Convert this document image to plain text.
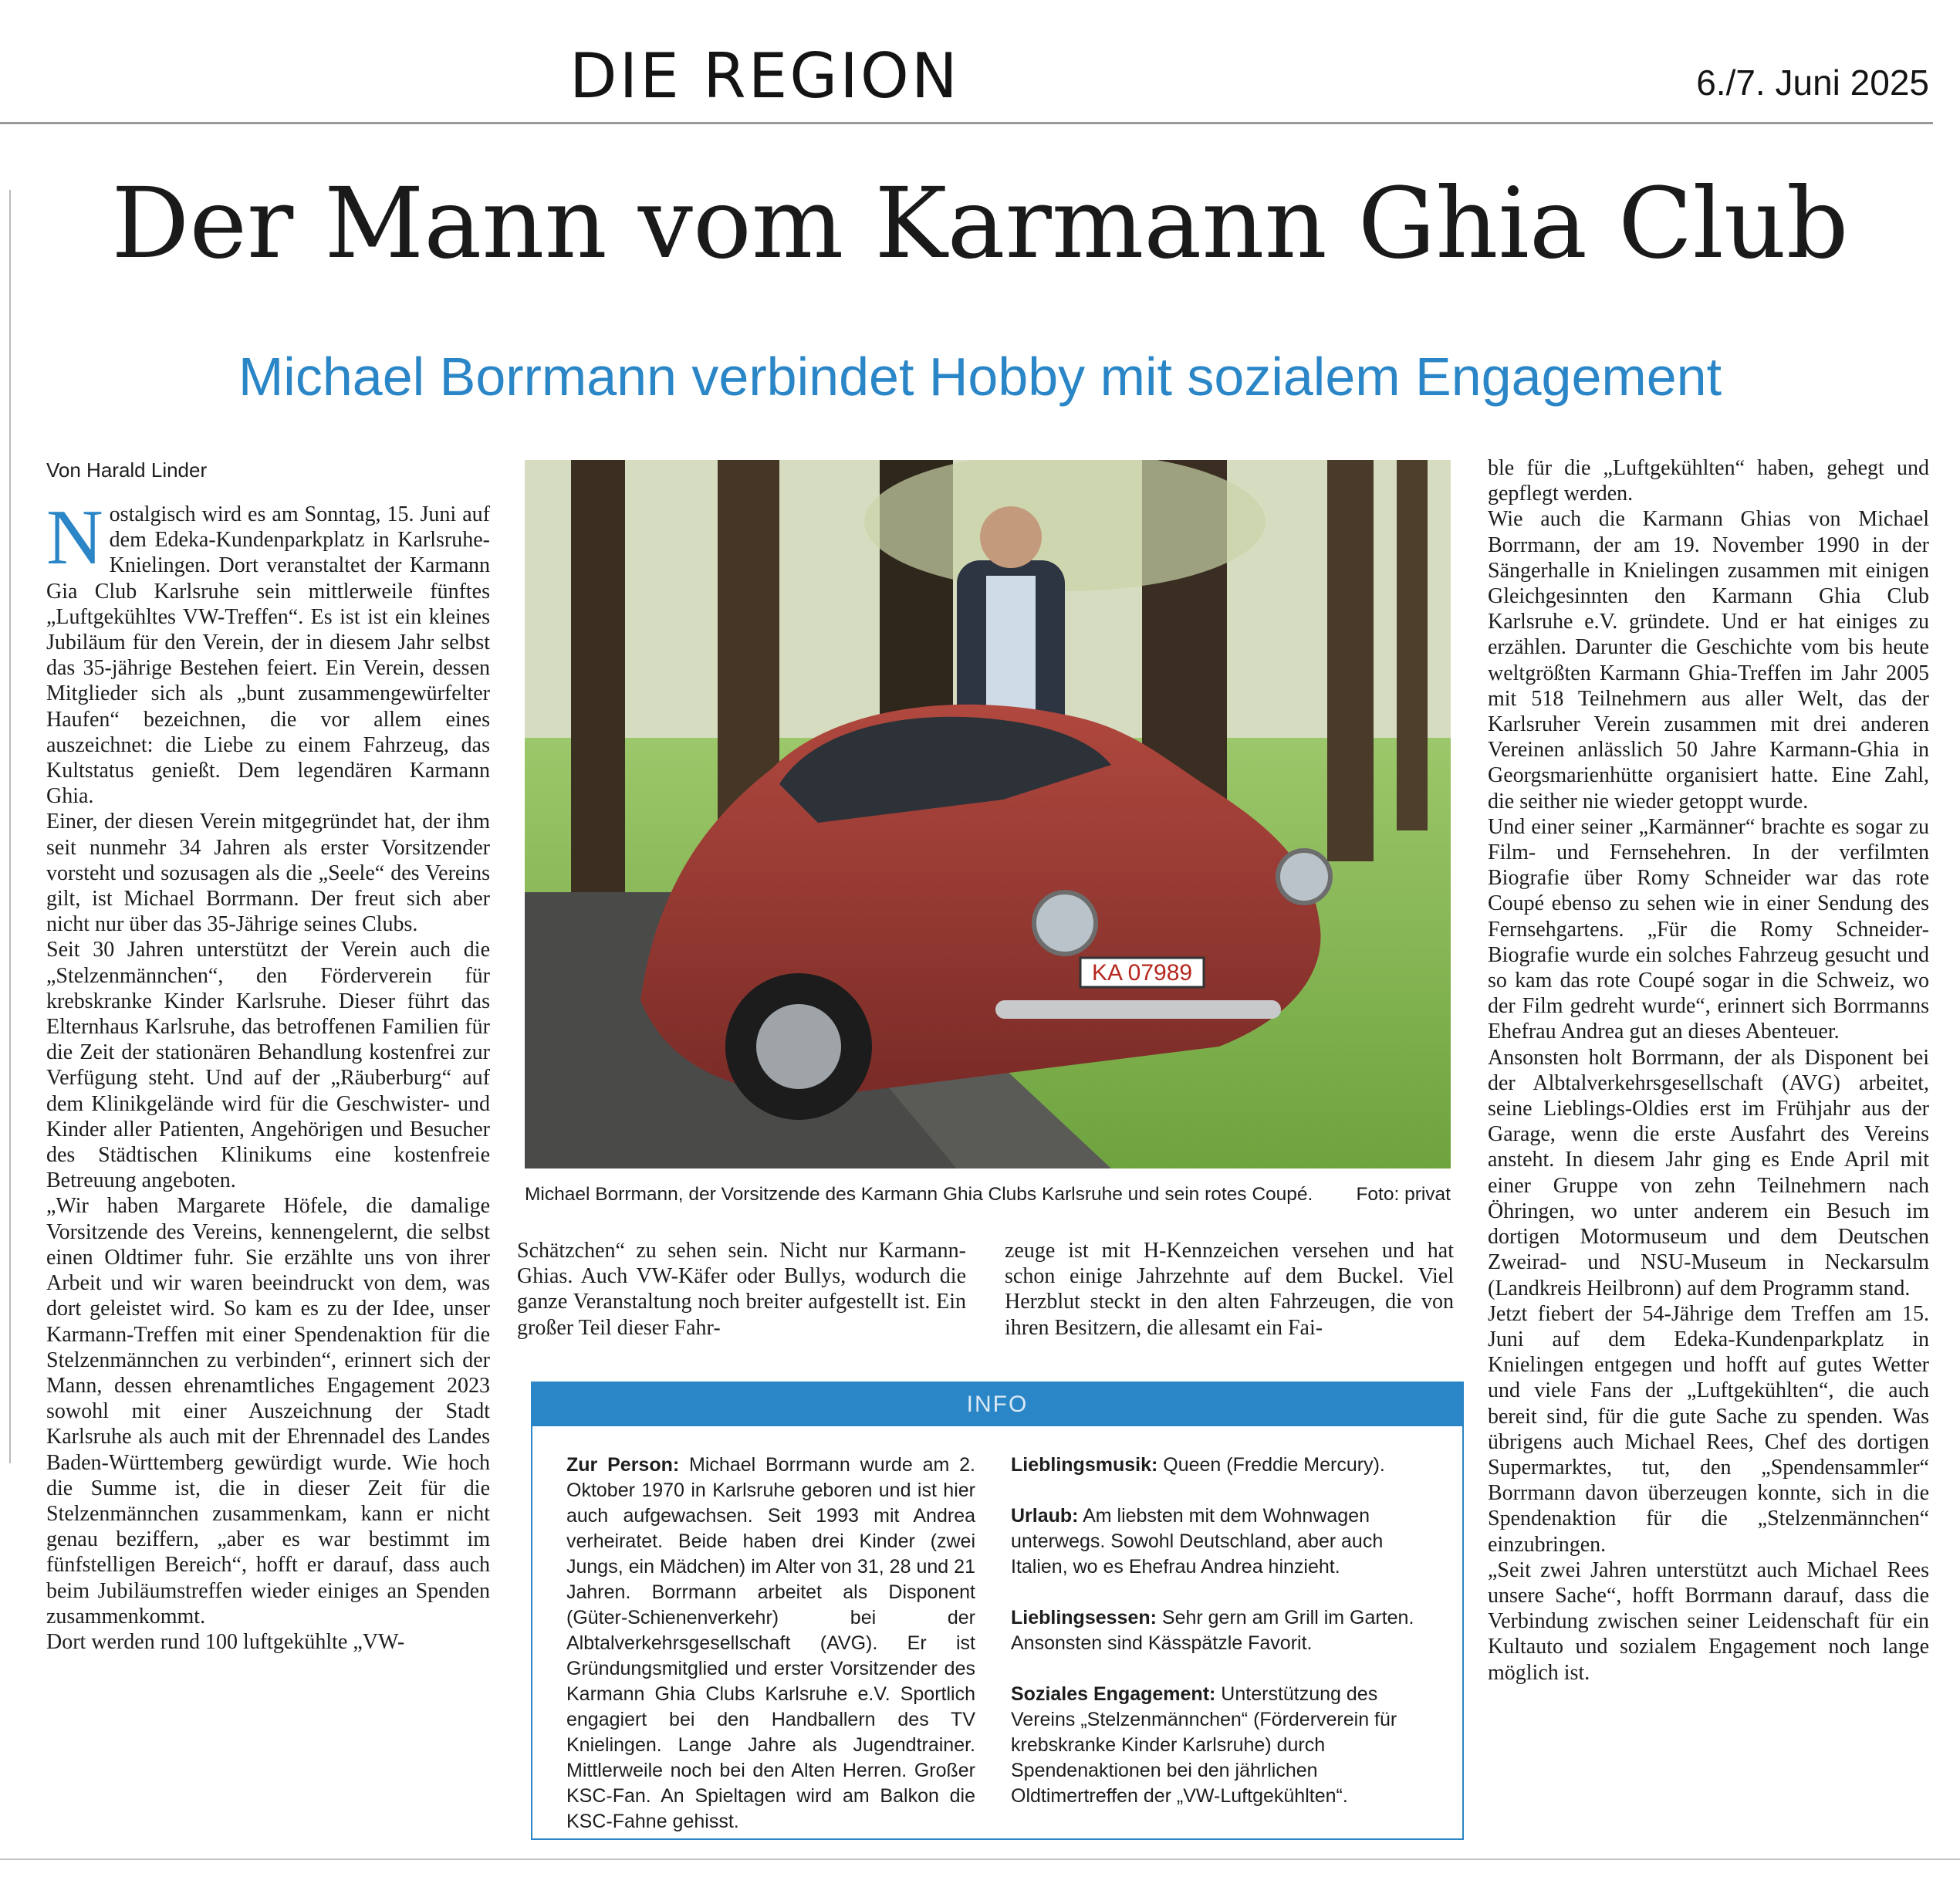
DIE REGION	6./7. Juni 2025
Der Mann vom Karmann Ghia Club
Michael Borrmann verbindet Hobby mit sozialem Engagement
Von Harald Linder

Nostalgisch wird es am Sonntag, 15. Juni auf dem Edeka-Kundenparkplatz in Karlsruhe-Knielingen. Dort veranstaltet der Karmann Gia Club Karlsruhe sein mittlerweile fünftes „Luftgekühltes VW-Treffen“. Es ist ist ein kleines Jubiläum für den Verein, der in diesem Jahr selbst das 35-jährige Bestehen feiert. Ein Verein, dessen Mitglieder sich als „bunt zusammengewürfelter Haufen“ bezeichnen, die vor allem eines auszeichnet: die Liebe zu einem Fahrzeug, das Kultstatus genießt. Dem legendären Karmann Ghia.

Einer, der diesen Verein mitgegründet hat, der ihm seit nunmehr 34 Jahren als erster Vorsitzender vorsteht und sozusagen als die „Seele“ des Vereins gilt, ist Michael Borrmann. Der freut sich aber nicht nur über das 35-Jährige seines Clubs.

Seit 30 Jahren unterstützt der Verein auch die „Stelzenmännchen“, den Förderverein für krebskranke Kinder Karlsruhe. Dieser führt das Elternhaus Karlsruhe, das betroffenen Familien für die Zeit der stationären Behandlung kostenfrei zur Verfügung steht. Und auf der „Räuberburg“ auf dem Klinikgelände wird für die Geschwister- und Kinder aller Patienten, Angehörigen und Besucher des Städtischen Klinikums eine kostenfreie Betreuung angeboten.

„Wir haben Margarete Höfele, die damalige Vorsitzende des Vereins, kennengelernt, die selbst einen Oldtimer fuhr. Sie erzählte uns von ihrer Arbeit und wir waren beeindruckt von dem, was dort geleistet wird. So kam es zu der Idee, unser Karmann-Treffen mit einer Spendenaktion für die Stelzenmännchen zu verbinden“, erinnert sich der Mann, dessen ehrenamtliches Engagement 2023 sowohl mit einer Auszeichnung der Stadt Karlsruhe als auch mit der Ehrennadel des Landes Baden-Württemberg gewürdigt wurde. Wie hoch die Summe ist, die in dieser Zeit für die Stelzenmännchen zusammenkam, kann er nicht genau beziffern, „aber es war bestimmt im fünfstelligen Bereich“, hofft er darauf, dass auch beim Jubiläumstreffen wieder einiges an Spenden zusammenkommt.

Dort werden rund 100 luftgekühlte „VW-

KA 07989
Michael Borrmann, der Vorsitzende des Karmann Ghia Clubs Karlsruhe und sein rotes Coupé. Foto: privat

Schätzchen“ zu sehen sein. Nicht nur Karmann-Ghias. Auch VW-Käfer oder Bullys, wodurch die ganze Veranstaltung noch breiter aufgestellt ist. Ein großer Teil dieser Fahr-

zeuge ist mit H-Kennzeichen versehen und hat schon einige Jahrzehnte auf dem Buckel. Viel Herzblut steckt in den alten Fahrzeugen, die von ihren Besitzern, die allesamt ein Fai-

INFO

Zur Person: Michael Borrmann wurde am 2. Oktober 1970 in Karlsruhe geboren und ist hier auch aufgewachsen. Seit 1993 mit Andrea verheiratet. Beide haben drei Kinder (zwei Jungs, ein Mädchen) im Alter von 31, 28 und 21 Jahren. Borrmann arbeitet als Disponent (Güter-Schienenverkehr) bei der Albtalverkehrsgesellschaft (AVG). Er ist Gründungsmitglied und erster Vorsitzender des Karmann Ghia Clubs Karlsruhe e.V. Sportlich engagiert bei den Handballern des TV Knielingen. Lange Jahre als Jugendtrainer. Mittlerweile noch bei den Alten Herren. Großer KSC-Fan. An Spieltagen wird am Balkon die KSC-Fahne gehisst.

Lieblingsmusik: Queen (Freddie Mercury).

Urlaub: Am liebsten mit dem Wohnwagen unterwegs. Sowohl Deutschland, aber auch Italien, wo es Ehefrau Andrea hinzieht.

Lieblingsessen: Sehr gern am Grill im Garten. Ansonsten sind Kässpätzle Favorit.

Soziales Engagement: Unterstützung des Vereins „Stelzenmännchen“ (Förderverein für krebskranke Kinder Karlsruhe) durch Spendenaktionen bei den jährlichen Oldtimertreffen der „VW-Luftgekühlten“.

ble für die „Luftgekühlten“ haben, gehegt und gepflegt werden.

Wie auch die Karmann Ghias von Michael Borrmann, der am 19. November 1990 in der Sängerhalle in Knielingen zusammen mit einigen Gleichgesinnten den Karmann Ghia Club Karlsruhe e.V. gründete. Und er hat einiges zu erzählen. Darunter die Geschichte vom bis heute weltgrößten Karmann Ghia-Treffen im Jahr 2005 mit 518 Teilnehmern aus aller Welt, das der Karlsruher Verein zusammen mit drei anderen Vereinen anlässlich 50 Jahre Karmann-Ghia in Georgsmarienhütte organisiert hatte. Eine Zahl, die seither nie wieder getoppt wurde.

Und einer seiner „Karmänner“ brachte es sogar zu Film- und Fernsehehren. In der verfilmten Biografie über Romy Schneider war das rote Coupé ebenso zu sehen wie in einer Sendung des Fernsehgartens. „Für die Romy Schneider-Biografie wurde ein solches Fahrzeug gesucht und so kam das rote Coupé sogar in die Schweiz, wo der Film gedreht wurde“, erinnert sich Borrmanns Ehefrau Andrea gut an dieses Abenteuer.

Ansonsten holt Borrmann, der als Disponent bei der Albtalverkehrsgesellschaft (AVG) arbeitet, seine Lieblings-Oldies erst im Frühjahr aus der Garage, wenn die erste Ausfahrt des Vereins ansteht. In diesem Jahr ging es Ende April mit einer Gruppe von zehn Teilnehmern nach Öhringen, wo unter anderem ein Besuch im dortigen Motormuseum und dem Deutschen Zweirad- und NSU-Museum in Neckarsulm (Landkreis Heilbronn) auf dem Programm stand.

Jetzt fiebert der 54-Jährige dem Treffen am 15. Juni auf dem Edeka-Kundenparkplatz in Knielingen entgegen und hofft auf gutes Wetter und viele Fans der „Luftgekühlten“, die auch bereit sind, für die gute Sache zu spenden. Was übrigens auch Michael Rees, Chef des dortigen Supermarktes, tut, den „Spendensammler“ Borrmann davon überzeugen konnte, sich in die Spendenaktion für die „Stelzenmännchen“ einzubringen.

„Seit zwei Jahren unterstützt auch Michael Rees unsere Sache“, hofft Borrmann darauf, dass die Verbindung zwischen seiner Leidenschaft für ein Kultauto und sozialem Engagement noch lange möglich ist.
